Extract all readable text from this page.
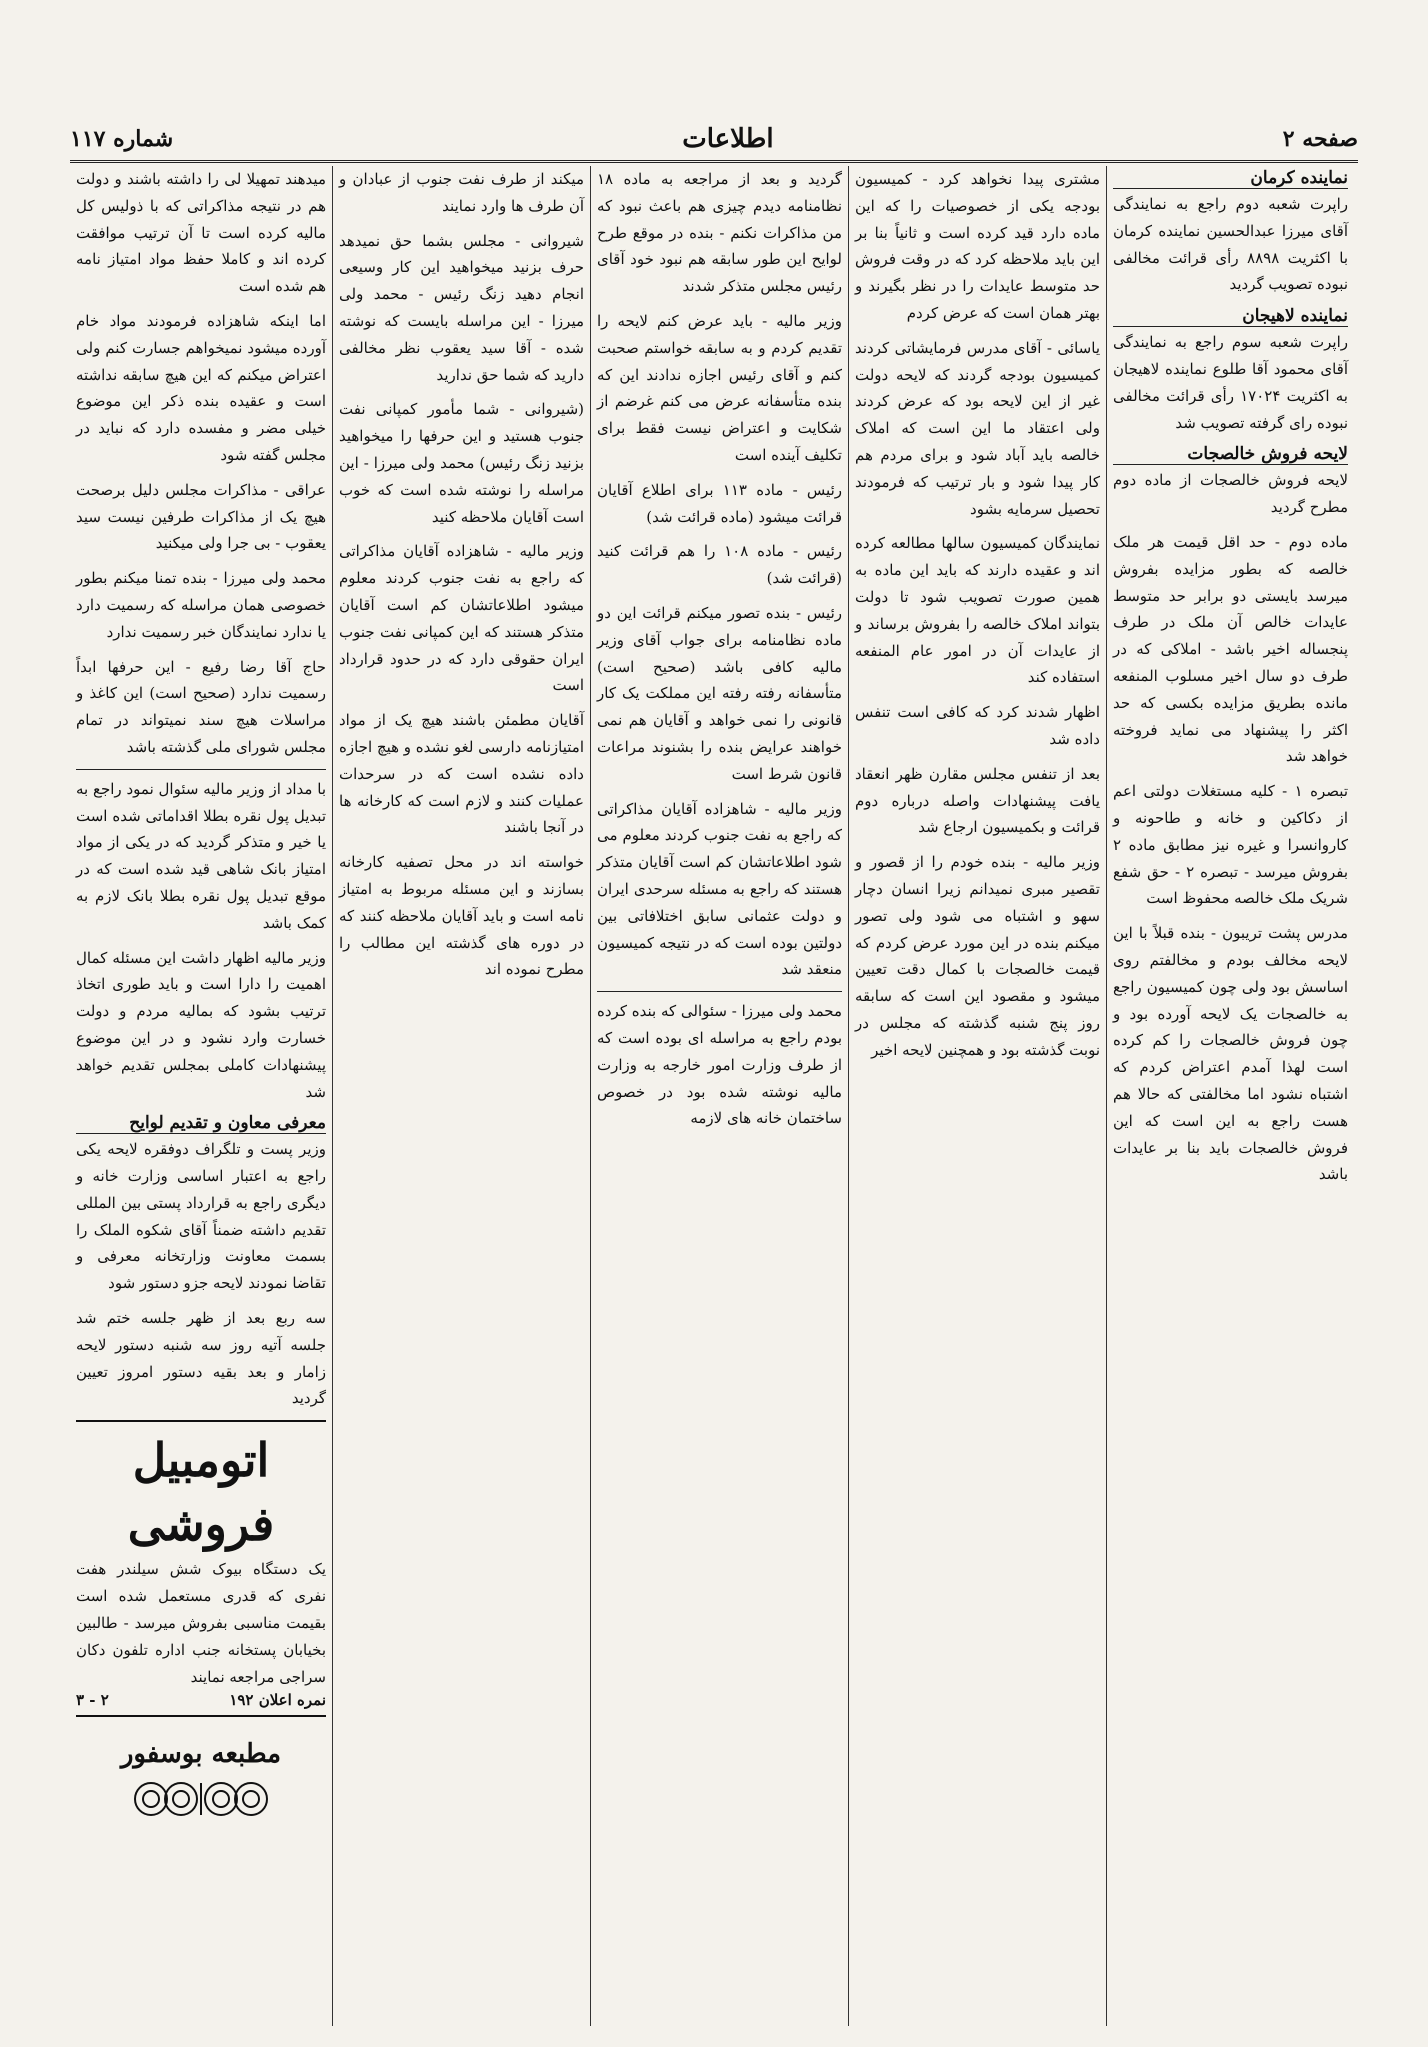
صفحه ۲
اطلاعات
شماره ۱۱۷
نماینده کرمان

راپرت شعبه دوم راجع به نمایندگی آقای میرزا عبدالحسین نماینده کرمان با اکثریت ۸۸۹۸ رأی قرائت مخالفی نبوده تصویب گردید

نماینده لاهیجان

راپرت شعبه سوم راجع به نمایندگی آقای محمود آقا طلوع نماینده لاهیجان به اکثریت ۱۷۰۲۴ رأی قرائت مخالفی نبوده رای گرفته تصویب شد

لایحه فروش خالصجات

لایحه فروش خالصجات از ماده دوم مطرح گردید

ماده دوم - حد اقل قیمت هر ملک خالصه که بطور مزایده بفروش میرسد بایستی دو برابر حد متوسط عایدات خالص آن ملک در طرف پنجساله اخیر باشد - املاکی که در طرف دو سال اخیر مسلوب المنفعه مانده بطریق مزایده بکسی که حد اکثر را پیشنهاد می نماید فروخته خواهد شد

تبصره ۱ - کلیه مستغلات دولتی اعم از دکاکین و خانه و طاحونه و کاروانسرا و غیره نیز مطابق ماده ۲ بفروش میرسد - تبصره ۲ - حق شفع شریک ملک خالصه محفوظ است

مدرس پشت تریبون - بنده قبلاً با این لایحه مخالف بودم و مخالفتم روی اساسش بود ولی چون کمیسیون راجع به خالصجات یک لایحه آورده بود و چون فروش خالصجات را کم کرده است لهذا آمدم اعتراض کردم که اشتباه نشود اما مخالفتی که حالا هم هست راجع به این است که این فروش خالصجات باید بنا بر عایدات باشد

مشتری پیدا نخواهد کرد - کمیسیون بودجه یکی از خصوصیات را که این ماده دارد قید کرده است و ثانیاً بنا بر این باید ملاحظه کرد که در وقت فروش حد متوسط عایدات را در نظر بگیرند و بهتر همان است که عرض کردم

یاسائی - آقای مدرس فرمایشاتی کردند کمیسیون بودجه گردند که لایحه دولت غیر از این لایحه بود که عرض کردند ولی اعتقاد ما این است که املاک خالصه باید آباد شود و برای مردم هم کار پیدا شود و بار ترتیب که فرمودند تحصیل سرمایه بشود

نمایندگان کمیسیون سالها مطالعه کرده اند و عقیده دارند که باید این ماده به همین صورت تصویب شود تا دولت بتواند املاک خالصه را بفروش برساند و از عایدات آن در امور عام المنفعه استفاده کند

اظهار شدند کرد که کافی است تنفس داده شد

بعد از تنفس مجلس مقارن ظهر انعقاد یافت پیشنهادات واصله درباره دوم قرائت و بکمیسیون ارجاع شد

وزیر مالیه - بنده خودم را از قصور و تقصیر مبری نمیدانم زیرا انسان دچار سهو و اشتباه می شود ولی تصور میکنم بنده در این مورد عرض کردم که قیمت خالصجات با کمال دقت تعیین میشود و مقصود این است که سابقه روز پنج شنبه گذشته که مجلس در نوبت گذشته بود و همچنین لایحه اخیر

گردید و بعد از مراجعه به ماده ۱۸ نظامنامه دیدم چیزی هم باعث نبود که من مذاکرات نکنم - بنده در موقع طرح لوایح این طور سابقه هم نبود خود آقای رئیس مجلس متذکر شدند

وزیر مالیه - باید عرض کنم لایحه را تقدیم کردم و به سابقه خواستم صحبت کنم و آقای رئیس اجازه ندادند این که بنده متأسفانه عرض می کنم غرضم از شکایت و اعتراض نیست فقط برای تکلیف آینده است

رئیس - ماده ۱۱۳ برای اطلاع آقایان قرائت میشود (ماده قرائت شد)

رئیس - ماده ۱۰۸ را هم قرائت کنید (قرائت شد)

رئیس - بنده تصور میکنم قرائت این دو ماده نظامنامه برای جواب آقای وزیر مالیه کافی باشد (صحیح است) متأسفانه رفته رفته این مملکت یک کار قانونی را نمی خواهد و آقایان هم نمی خواهند عرایض بنده را بشنوند مراعات قانون شرط است

وزیر مالیه - شاهزاده آقایان مذاکراتی که راجع به نفت جنوب کردند معلوم می شود اطلاعاتشان کم است آقایان متذکر هستند که راجع به مسئله سرحدی ایران و دولت عثمانی سابق اختلافاتی بین دولتین بوده است که در نتیجه کمیسیون منعقد شد

محمد ولی میرزا - سئوالی که بنده کرده بودم راجع به مراسله ای بوده است که از طرف وزارت امور خارجه به وزارت مالیه نوشته شده بود در خصوص ساختمان خانه های لازمه

میکند از طرف نفت جنوب از عبادان و آن طرف ها وارد نمایند

شیروانی - مجلس بشما حق نمیدهد حرف بزنید میخواهید این کار وسیعی انجام دهید زنگ رئیس - محمد ولی میرزا - این مراسله بایست که نوشته شده - آقا سید یعقوب نظر مخالفی دارید که شما حق ندارید

(شیروانی - شما مأمور کمپانی نفت جنوب هستید و این حرفها را میخواهید بزنید زنگ رئیس) محمد ولی میرزا - این مراسله را نوشته شده است که خوب است آقایان ملاحظه کنید

وزیر مالیه - شاهزاده آقایان مذاکراتی که راجع به نفت جنوب کردند معلوم میشود اطلاعاتشان کم است آقایان متذکر هستند که این کمپانی نفت جنوب ایران حقوقی دارد که در حدود قرارداد است

آقایان مطمئن باشند هیچ یک از مواد امتیازنامه دارسی لغو نشده و هیچ اجازه داده نشده است که در سرحدات عملیات کنند و لازم است که کارخانه ها در آنجا باشند

خواسته اند در محل تصفیه کارخانه بسازند و این مسئله مربوط به امتیاز نامه است و باید آقایان ملاحظه کنند که در دوره های گذشته این مطالب را مطرح نموده اند

میدهند تمهیلا لی را داشته باشند و دولت هم در نتیجه مذاکراتی که با ذولیس کل مالیه کرده است تا آن ترتیب موافقت کرده اند و کاملا حفظ مواد امتیاز نامه هم شده است

اما اینکه شاهزاده فرمودند مواد خام آورده میشود نمیخواهم جسارت کنم ولی اعتراض میکنم که این هیچ سابقه نداشته است و عقیده بنده ذکر این موضوع خیلی مضر و مفسده دارد که نباید در مجلس گفته شود

عراقی - مذاکرات مجلس دلیل برصحت هیچ یک از مذاکرات طرفین نیست سید یعقوب - بی جرا ولی میکنید

محمد ولی میرزا - بنده تمنا میکنم بطور خصوصی همان مراسله که رسمیت دارد یا ندارد نمایندگان خبر رسمیت ندارد

حاج آقا رضا رفیع - این حرفها ابداً رسمیت ندارد (صحیح است) این کاغذ و مراسلات هیچ سند نمیتواند در تمام مجلس شورای ملی گذشته باشد

با مداد از وزیر مالیه سئوال نمود راجع به تبدیل پول نقره بطلا اقداماتی شده است یا خیر و متذکر گردید که در یکی از مواد امتیاز بانک شاهی قید شده است که در موقع تبدیل پول نقره بطلا بانک لازم به کمک باشد

وزیر مالیه اظهار داشت این مسئله کمال اهمیت را دارا است و باید طوری اتخاذ ترتیب بشود که بمالیه مردم و دولت خسارت وارد نشود و در این موضوع پیشنهادات کاملی بمجلس تقدیم خواهد شد

معرفی معاون و تقدیم لوایح

وزیر پست و تلگراف دوفقره لایحه یکی راجع به اعتبار اساسی وزارت خانه و دیگری راجع به قرارداد پستی بین المللی تقدیم داشته ضمناً آقای شکوه الملک را بسمت معاونت وزارتخانه معرفی و تقاضا نمودند لایحه جزو دستور شود

سه ربع بعد از ظهر جلسه ختم شد جلسه آتیه روز سه شنبه دستور لایحه زامار و بعد بقیه دستور امروز تعیین گردید

اتومبیل فروشی
یک دستگاه بیوک شش سیلندر هفت نفری که قدری مستعمل شده است بقیمت مناسبی بفروش میرسد - طالبین بخیابان پستخانه جنب اداره تلفون دکان سراجی مراجعه نمایند
نمره اعلان ۱۹۲
۲ - ۳
مطبعه بوسفور
